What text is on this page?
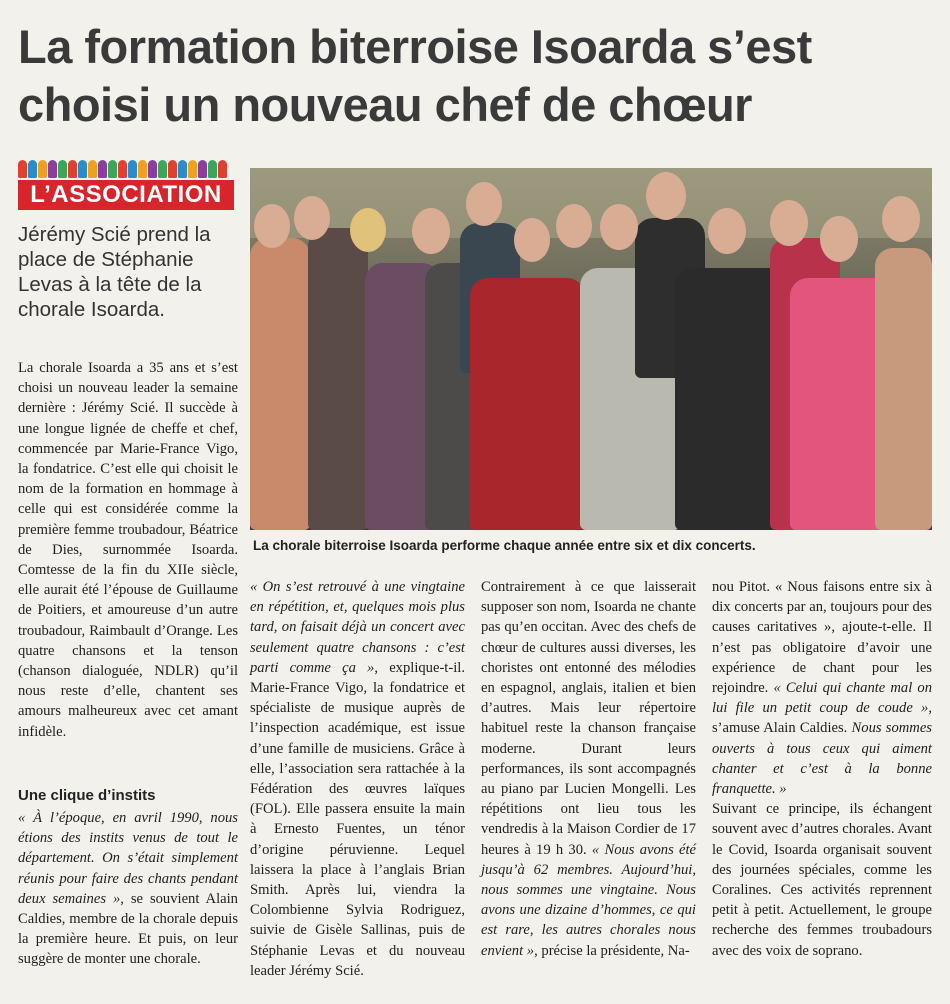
La formation biterroise Isoarda s’est choisi un nouveau chef de chœur
L’ASSOCIATION

Jérémy Scié prend la place de Stéphanie Levas à la tête de la chorale Isoarda.

La chorale biterroise Isoarda performe chaque année entre six et dix concerts.

La chorale Isoarda a 35 ans et s’est choisi un nouveau leader la semaine dernière : Jérémy Scié. Il succède à une longue lignée de cheffe et chef, commencée par Marie-France Vigo, la fondatrice. C’est elle qui choisit le nom de la formation en hommage à celle qui est considérée comme la première femme troubadour, Béatrice de Dies, surnommée Isoarda. Comtesse de la fin du XIIe siècle, elle aurait été l’épouse de Guillaume de Poitiers, et amoureuse d’un autre troubadour, Raimbault d’Orange. Les quatre chansons et la tenson (chanson dialoguée, NDLR) qu’il nous reste d’elle, chantent ses amours malheureux avec cet amant infidèle.

Une clique d’instits

« À l’époque, en avril 1990, nous étions des instits venus de tout le département. On s’était simplement réunis pour faire des chants pendant deux semaines », se souvient Alain Caldies, membre de la chorale depuis la première heure. Et puis, on leur suggère de monter une chorale.

« On s’est retrouvé à une vingtaine en répétition, et, quelques mois plus tard, on faisait déjà un concert avec seulement quatre chansons : c’est parti comme ça », explique-t-il. Marie-France Vigo, la fondatrice et spécialiste de musique auprès de l’inspection académique, est issue d’une famille de musiciens. Grâce à elle, l’association sera rattachée à la Fédération des œuvres laïques (FOL). Elle passera ensuite la main à Ernesto Fuentes, un ténor d’origine péruvienne. Lequel laissera la place à l’anglais Brian Smith. Après lui, viendra la Colombienne Sylvia Rodriguez, suivie de Gisèle Sallinas, puis de Stéphanie Levas et du nouveau leader Jérémy Scié.

Contrairement à ce que laisserait supposer son nom, Isoarda ne chante pas qu’en occitan. Avec des chefs de chœur de cultures aussi diverses, les choristes ont entonné des mélodies en espagnol, anglais, italien et bien d’autres. Mais leur répertoire habituel reste la chanson française moderne. Durant leurs performances, ils sont accompagnés au piano par Lucien Mongelli. Les répétitions ont lieu tous les vendredis à la Maison Cordier de 17 heures à 19 h 30. « Nous avons été jusqu’à 62 membres. Aujourd’hui, nous sommes une vingtaine. Nous avons une dizaine d’hommes, ce qui est rare, les autres chorales nous envient », précise la présidente, Na-

nou Pitot. « Nous faisons entre six à dix concerts par an, toujours pour des causes caritatives », ajoute-t-elle. Il n’est pas obligatoire d’avoir une expérience de chant pour les rejoindre. « Celui qui chante mal on lui file un petit coup de coude », s’amuse Alain Caldies. Nous sommes ouverts à tous ceux qui aiment chanter et c’est à la bonne franquette. »

Suivant ce principe, ils échangent souvent avec d’autres chorales. Avant le Covid, Isoarda organisait souvent des journées spéciales, comme les Coralines. Ces activités reprennent petit à petit. Actuellement, le groupe recherche des femmes troubadours avec des voix de soprano.
